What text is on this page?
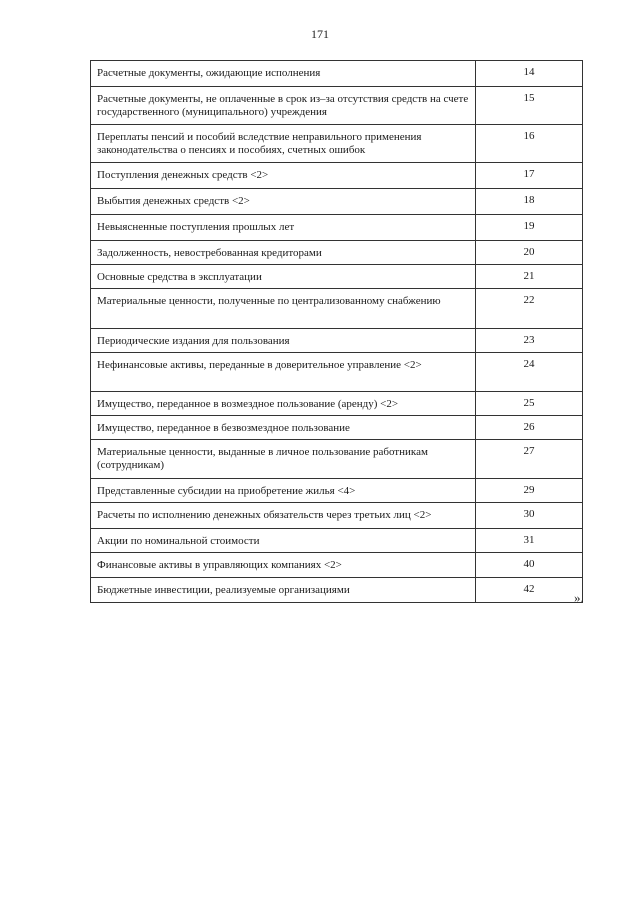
171
Расчетные документы, ожидающие исполнения	14
Расчетные документы, не оплаченные в срок из–за отсутствия средств на счете государственного (муниципального) учреждения	15
Переплаты пенсий и пособий вследствие неправильного применения законодательства о пенсиях и пособиях, счетных ошибок	16
Поступления денежных средств <2>	17
Выбытия денежных средств <2>	18
Невыясненные поступления прошлых лет	19
Задолженность, невостребованная кредиторами	20
Основные средства в эксплуатации	21
Материальные ценности, полученные по централизованному снабжению	22
Периодические издания для пользования	23
Нефинансовые активы, переданные в доверительное управление <2>	24
Имущество, переданное в возмездное пользование (аренду) <2>	25
Имущество, переданное в безвозмездное пользование	26
Материальные ценности, выданные в личное пользование работникам (сотрудникам)	27
Представленные субсидии на приобретение жилья <4>	29
Расчеты по исполнению денежных обязательств через третьих лиц <2>	30
Акции по номинальной стоимости	31
Финансовые активы в управляющих компаниях <2>	40
Бюджетные инвестиции, реализуемые организациями	42
».
